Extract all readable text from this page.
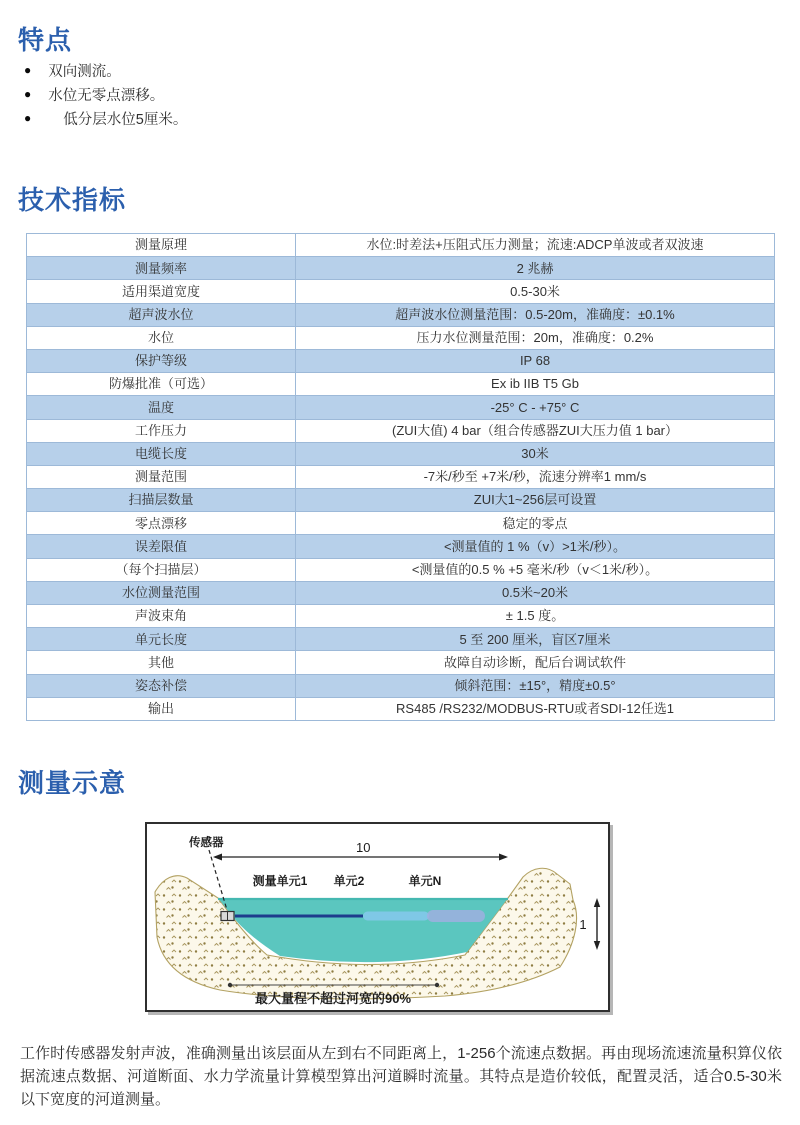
特点
● 双向测流。
● 水位无零点漂移。
●	低分层水位5厘米。
技术指标
测量原理	水位:时差法+压阻式压力测量；流速:ADCP单波或者双波速
测量频率	2 兆赫
适用渠道宽度	0.5-30米
超声波水位	超声波水位测量范围：0.5-20m，准确度：±0.1%
水位	压力水位测量范围：20m，准确度：0.2%
保护等级	IP 68
防爆批准（可选）	Ex ib IIB T5 Gb
温度	-25° C - +75° C
工作压力	(ZUI大值) 4 bar（组合传感器ZUI大压力值 1 bar）
电缆长度	30米
测量范围	-7米/秒至 +7米/秒，流速分辨率1 mm/s
扫描层数量	ZUI大1~256层可设置
零点漂移	稳定的零点
误差限值	<测量值的 1 %（v）>1米/秒）。
（每个扫描层）	<测量值的0.5 % +5 毫米/秒（v＜1米/秒）。
水位测量范围	0.5米~20米
声波束角	± 1.5 度。
单元长度	5 至 200 厘米，盲区7厘米
其他	故障自动诊断，配后台调试软件
姿态补偿	倾斜范围：±15°，精度±0.5°
输出	RS485 /RS232/MODBUS-RTU或者SDI-12任选1
测量示意
传感器	10
测量单元1 单元2	单元N
1
最大量程不超过河宽的90%

工作时传感器发射声波，准确测量出该层面从左到右不同距离上，1-256个流速点数据。再由现场流速流量积算仪依据流速点数据、河道断面、水力学流量计算模型算出河道瞬时流量。其特点是造价较低，配置灵活，适合0.5-30米以下宽度的河道测量。
